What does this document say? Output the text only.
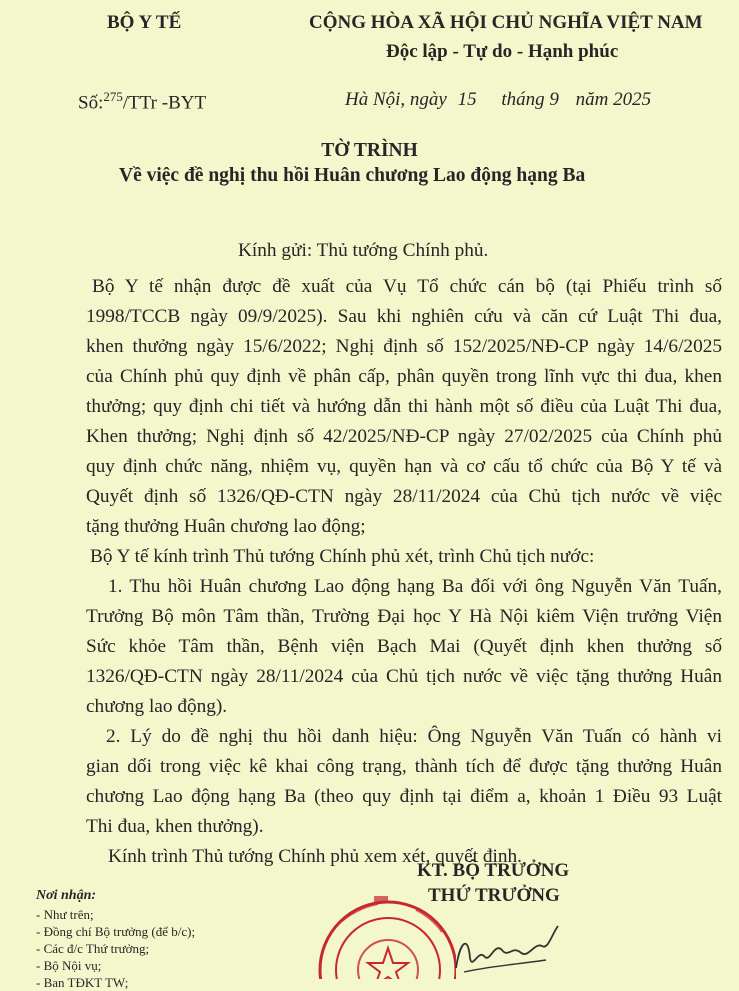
BỘ Y TẾ	CỘNG HÒA XÃ HỘI CHỦ NGHĨA VIỆT NAM
Độc lập - Tự do - Hạnh phúc
Số:$^{275}$/TTr -BYT	Hà Nội, ngày 15 tháng 9 năm 2025
TỜ TRÌNH
Về việc đề nghị thu hồi Huân chương Lao động hạng Ba
Kính gửi: Thủ tướng Chính phủ.
Bộ Y tế nhận được đề xuất của Vụ Tổ chức cán bộ (tại Phiếu trình số
1998/TCCB ngày 09/9/2025). Sau khi nghiên cứu và căn cứ Luật Thi đua,
khen thưởng ngày 15/6/2022; Nghị định số 152/2025/NĐ-CP ngày 14/6/2025
của Chính phủ quy định về phân cấp, phân quyền trong lĩnh vực thi đua, khen
thưởng; quy định chi tiết và hướng dẫn thi hành một số điều của Luật Thi đua,
Khen thưởng; Nghị định số 42/2025/NĐ-CP ngày 27/02/2025 của Chính phủ
quy định chức năng, nhiệm vụ, quyền hạn và cơ cấu tổ chức của Bộ Y tế và
Quyết định số 1326/QĐ-CTN ngày 28/11/2024 của Chủ tịch nước về việc
tặng thưởng Huân chương lao động;
Bộ Y tế kính trình Thủ tướng Chính phủ xét, trình Chủ tịch nước:
1. Thu hồi Huân chương Lao động hạng Ba đối với ông Nguyễn Văn Tuấn,
Trưởng Bộ môn Tâm thần, Trường Đại học Y Hà Nội kiêm Viện trưởng Viện
Sức khỏe Tâm thần, Bệnh viện Bạch Mai (Quyết định khen thưởng số
1326/QĐ-CTN ngày 28/11/2024 của Chủ tịch nước về việc tặng thưởng Huân
chương lao động).
2. Lý do đề nghị thu hồi danh hiệu: Ông Nguyễn Văn Tuấn có hành vi
gian dối trong việc kê khai công trạng, thành tích để được tặng thưởng Huân
chương Lao động hạng Ba (theo quy định tại điểm a, khoản 1 Điều 93 Luật
Thi đua, khen thưởng).
Kính trình Thủ tướng Chính phủ xem xét, quyết định.
Nơi nhận:
- Như trên;
- Đồng chí Bộ trưởng (để b/c);
- Các đ/c Thứ trưởng;
- Bộ Nội vụ;
- Ban TĐKT TW;
KT. BỘ TRƯỞNG
THỨ TRƯỞNG
